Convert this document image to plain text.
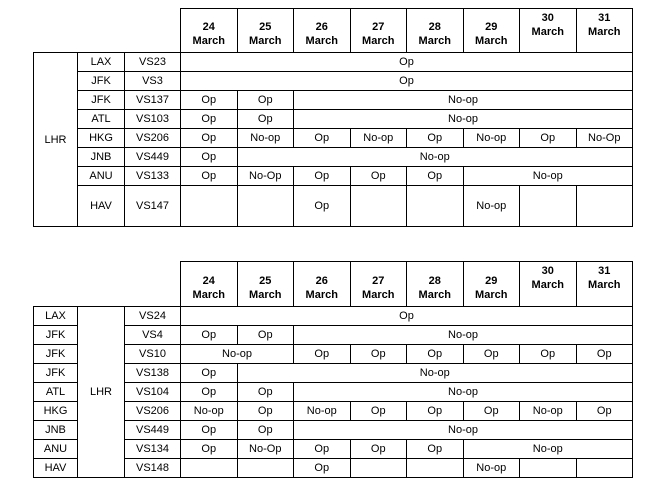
24
March

25
March

26
March

27
March

28
March

29
March

30
March

31
March

LHR	LAX	VS23	Op							
	JFK	VS3	Op							
	JFK	VS137	Op	Op	No-op					
	ATL	VS103	Op	Op	No-op					
	HKG	VS206	Op	No-op	Op	No-op	Op	No-op	Op	No-Op
	JNB	VS449	Op	No-op						
	ANU	VS133	Op	No-Op	Op	Op	Op	No-op		
	HAV	VS147			Op			No-op		

24
March

25
March

26
March

27
March

28
March

29
March

30
March

31
March

LAX	LHR	VS24	Op							
JFK		VS4	Op	Op	No-op					
JFK		VS10	No-op		Op	Op	Op	Op	Op	Op
JFK		VS138	Op	No-op						
ATL		VS104	Op	Op	No-op					
HKG		VS206	No-op	Op	No-op	Op	Op	Op	No-op	Op
JNB		VS449	Op	Op	No-op					
ANU		VS134	Op	No-Op	Op	Op	Op	No-op		
HAV		VS148			Op			No-op		
